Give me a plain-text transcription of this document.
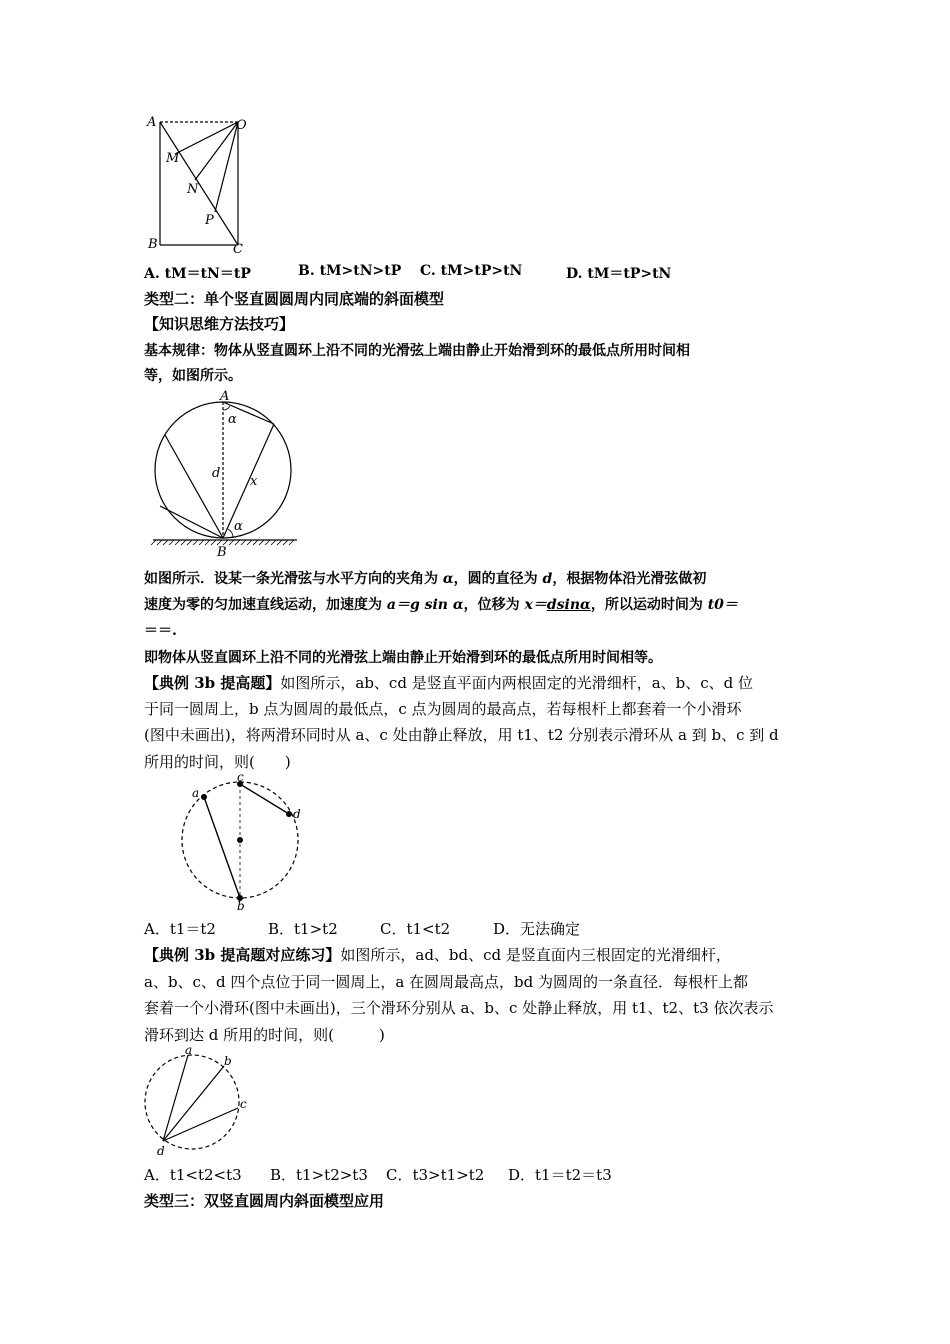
A	O
M
N
P
B	C
A. tM＝tN＝tP	B. tM>tN>tP C. tM>tP>tN	D. tM＝tP>tN
类型二：单个竖直圆圆周内同底端的斜面模型
【知识思维方法技巧】
基本规律：物体从竖直圆环上沿不同的光滑弦上端由静止开始滑到环的最低点所用时间相
等，如图所示。
A
α
d
x
α
B
如图所示．设某一条光滑弦与水平方向的夹角为 α，圆的直径为 d，根据物体沿光滑弦做初
速度为零的匀加速直线运动，加速度为 a＝g sin α，位移为 x＝dsinα，所以运动时间为 t0＝
＝＝.
即物体从竖直圆环上沿不同的光滑弦上端由静止开始滑到环的最低点所用时间相等。
【典例 3b 提高题】如图所示，ab、cd 是竖直平面内两根固定的光滑细杆，a、b、c、d 位
于同一圆周上，b 点为圆周的最低点，c 点为圆周的最高点，若每根杆上都套着一个小滑环
(图中未画出)，将两滑环同时从 a、c 处由静止释放，用 t1、t2 分别表示滑环从 a 到 b、c 到 d
所用的时间，则(　　)
a
c
d
b
A．t1＝t2	B．t1>t2	C．t1<t2	D．无法确定
【典例 3b 提高题对应练习】如图所示，ad、bd、cd 是竖直面内三根固定的光滑细杆，
a、b、c、d 四个点位于同一圆周上，a 在圆周最高点，bd 为圆周的一条直径．每根杆上都
套着一个小滑环(图中未画出)，三个滑环分别从 a、b、c 处静止释放，用 t1、t2、t3 依次表示
滑环到达 d 所用的时间，则(　　　)
a
b
c
d
A．t1<t2<t3 B．t1>t2>t3 C．t3>t1>t2 D．t1＝t2＝t3
类型三：双竖直圆周内斜面模型应用
